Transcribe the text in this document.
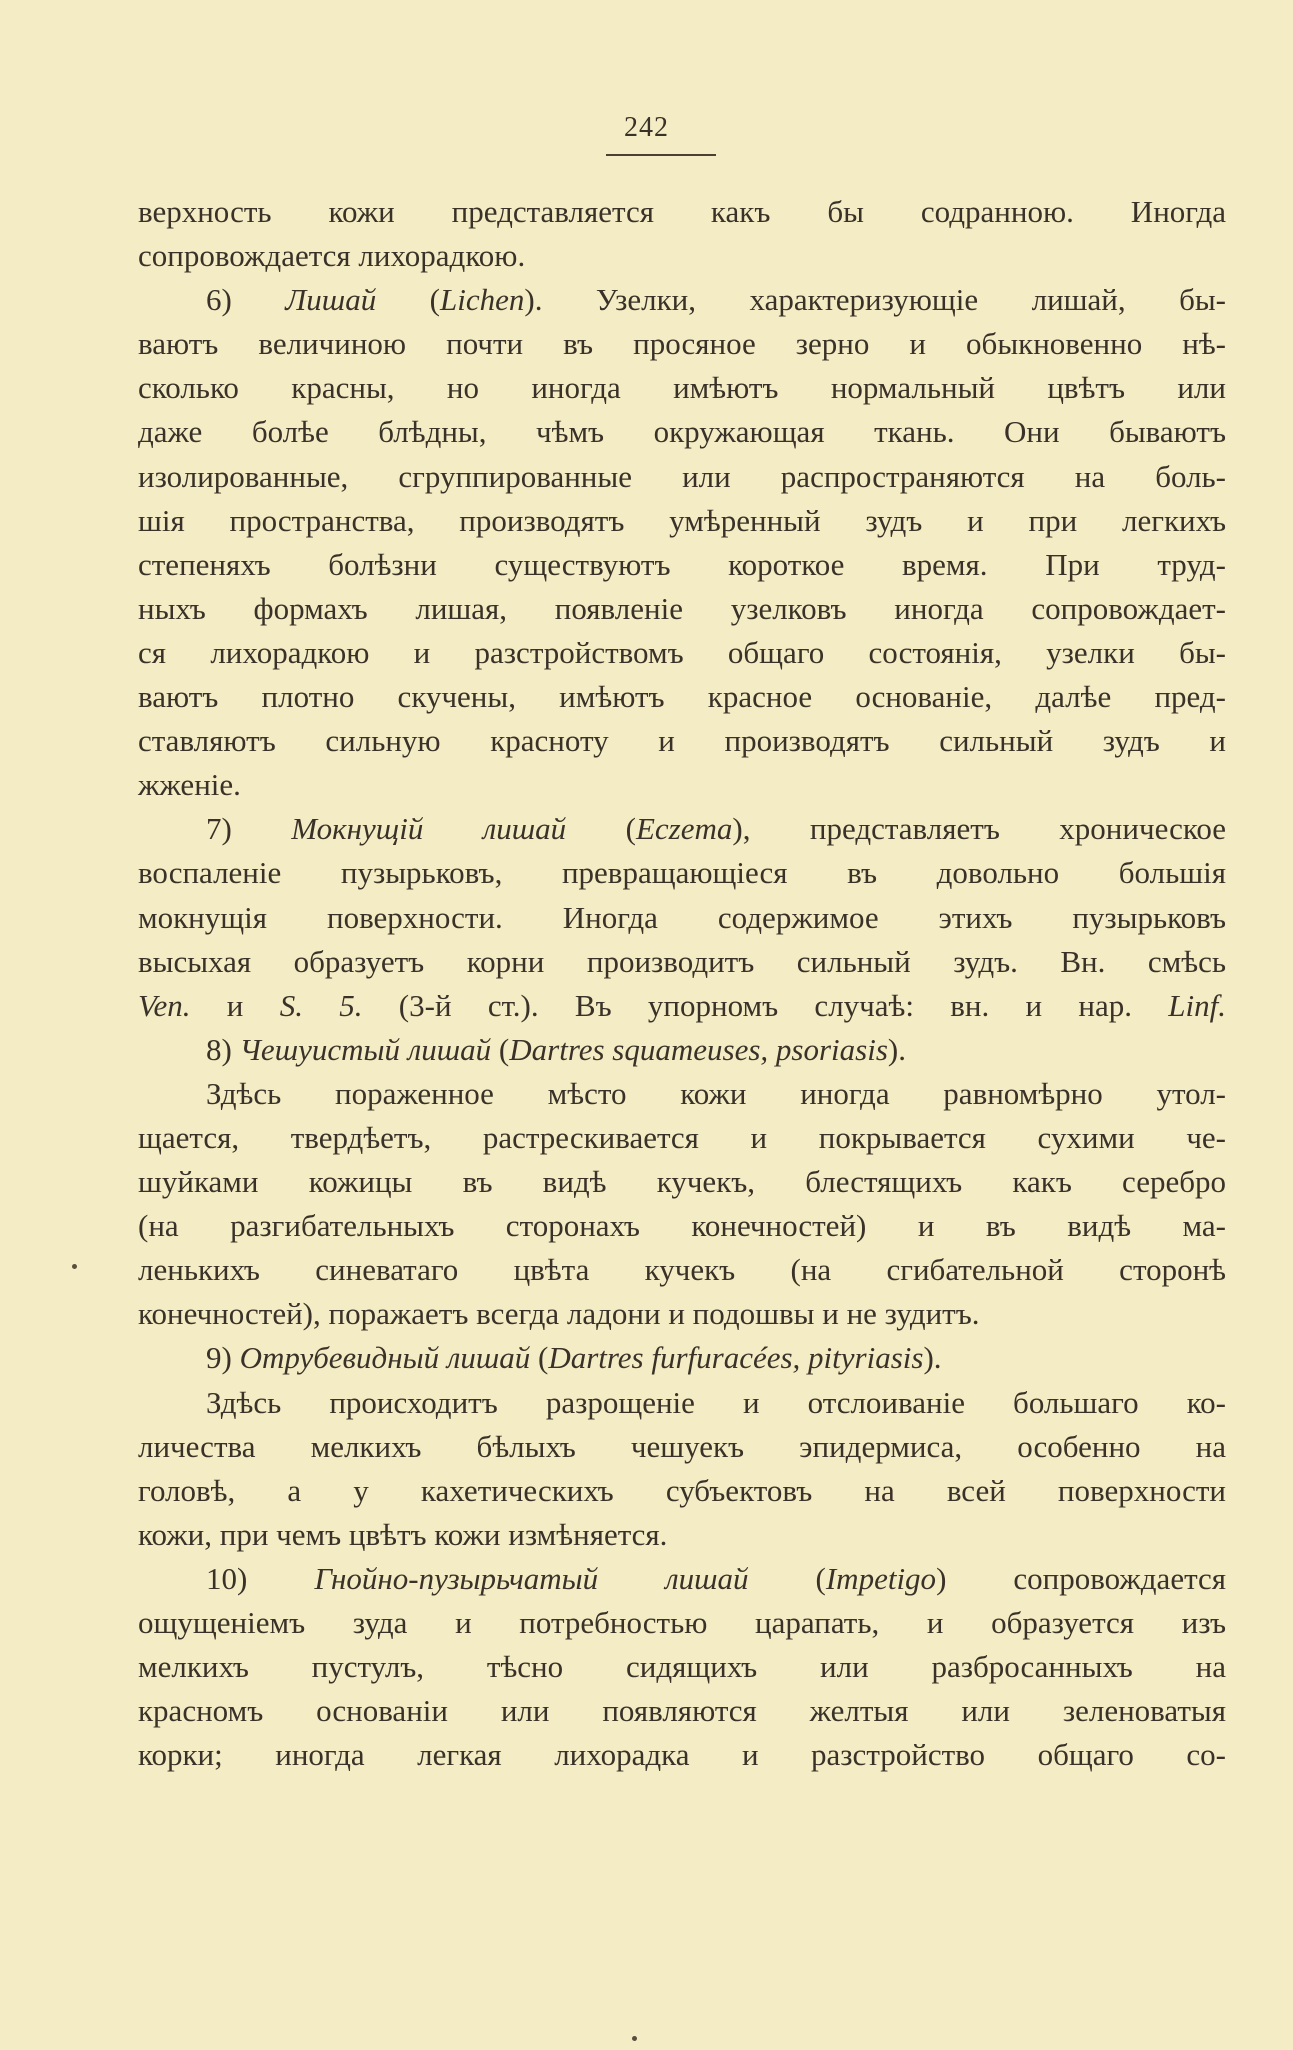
242
верхность кожи представляется какъ бы содранною. Иногда
сопровождается лихорадкою.
6) Лишай (Lichen). Узелки, характеризующіе лишай, бы-
ваютъ величиною почти въ просяное зерно и обыкновенно нѣ-
сколько красны, но иногда имѣютъ нормальный цвѣтъ или
даже болѣе блѣдны, чѣмъ окружающая ткань. Они бываютъ
изолированные, сгруппированные или распространяются на боль-
шія пространства, производятъ умѣренный зудъ и при легкихъ
степеняхъ болѣзни существуютъ короткое время. При труд-
ныхъ формахъ лишая, появленіе узелковъ иногда сопровождает-
ся лихорадкою и разстройствомъ общаго состоянія, узелки бы-
ваютъ плотно скучены, имѣютъ красное основаніе, далѣе пред-
ставляютъ сильную красноту и производятъ сильный зудъ и
жженіе.
7) Мокнущій лишай (Eczema), представляетъ хроническое
воспаленіе пузырьковъ, превращающіеся въ довольно большія
мокнущія поверхности. Иногда содержимое этихъ пузырьковъ
высыхая образуетъ корни производитъ сильный зудъ. Вн. смѣсь
Ven. и S. 5. (3-й ст.). Въ упорномъ случаѣ: вн. и нар. Linf.
8) Чешуистый лишай (Dartres squameuses, psoriasis).
Здѣсь пораженное мѣсто кожи иногда равномѣрно утол-
щается, твердѣетъ, растрескивается и покрывается сухими че-
шуйками кожицы въ видѣ кучекъ, блестящихъ какъ серебро
(на разгибательныхъ сторонахъ конечностей) и въ видѣ ма-
ленькихъ синеватаго цвѣта кучекъ (на сгибательной сторонѣ
конечностей), поражаетъ всегда ладони и подошвы и не зудитъ.
9) Отрубевидный лишай (Dartres furfuracées, pityriasis).
Здѣсь происходитъ разрощеніе и отслоиваніе большаго ко-
личества мелкихъ бѣлыхъ чешуекъ эпидермиса, особенно на
головѣ, а у кахетическихъ субъектовъ на всей поверхности
кожи, при чемъ цвѣтъ кожи измѣняется.
10) Гнойно-пузырьчатый лишай (Impetigo) сопровождается
ощущеніемъ зуда и потребностью царапать, и образуется изъ
мелкихъ пустулъ, тѣсно сидящихъ или разбросанныхъ на
красномъ основаніи или появляются желтыя или зеленоватыя
корки; иногда легкая лихорадка и разстройство общаго со-
